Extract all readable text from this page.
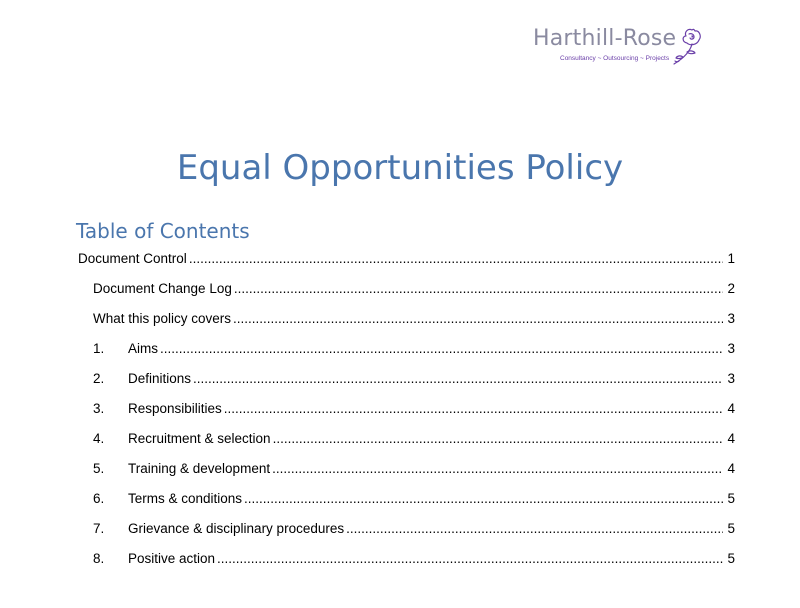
Harthill-Rose
Consultancy ~ Outsourcing ~ Projects
Equal Opportunities Policy
Table of Contents
Document Control .....	1
Document Change Log .....	2
What this policy covers .....	3
1.	Aims .....	3
2.	Definitions .....	3
3.	Responsibilities .....	4
4.	Recruitment & selection .....	4
5.	Training & development .....	4
6.	Terms & conditions .....	5
7.	Grievance & disciplinary procedures .....	5
8.	Positive action .....	5
